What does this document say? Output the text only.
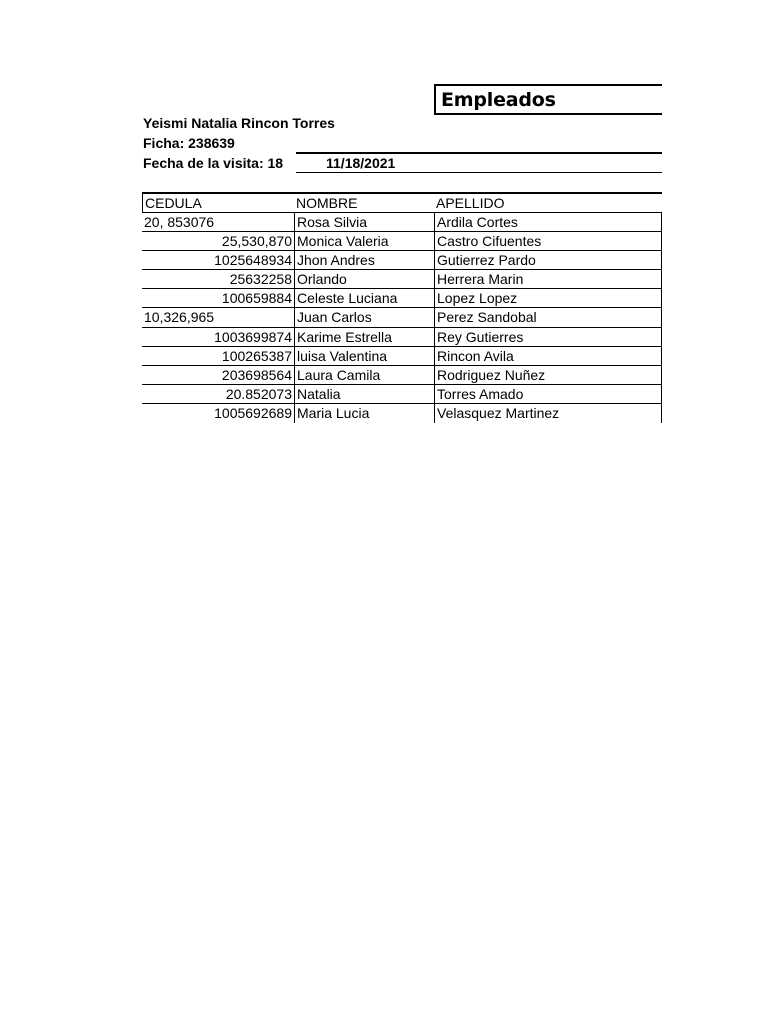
Empleados
Yeismi Natalia Rincon Torres
Ficha: 238639
Fecha de la visita: 18	11/18/2021
CEDULA	NOMBRE	APELLIDO
20, 853076	Rosa Silvia	Ardila Cortes
25,530,870 Monica Valeria	Castro Cifuentes
1025648934 Jhon Andres	Gutierrez Pardo
25632258 Orlando	Herrera Marin
100659884 Celeste Luciana	Lopez Lopez
10,326,965	Juan Carlos	Perez Sandobal
1003699874 Karime Estrella	Rey Gutierres
100265387 luisa Valentina	Rincon Avila
203698564 Laura Camila	Rodriguez Nuñez
20.852073 Natalia	Torres Amado
1005692689 Maria Lucia	Velasquez Martinez
